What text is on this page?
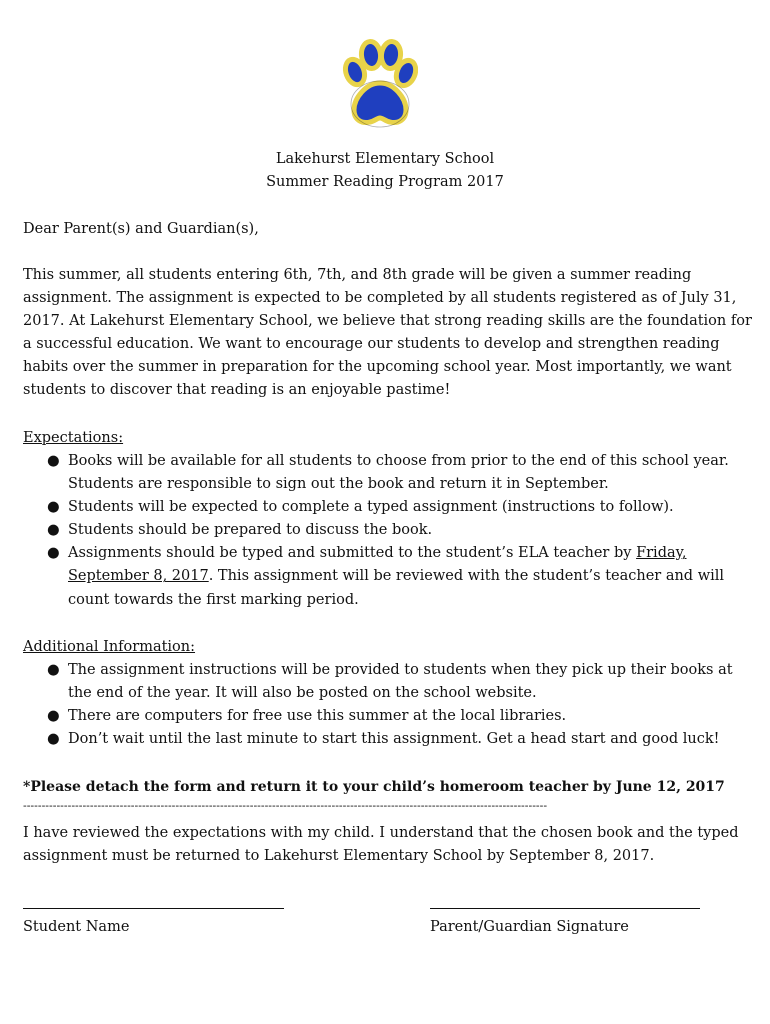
Lakehurst Elementary School
Summer Reading Program 2017
Dear Parent(s) and Guardian(s),
This summer, all students entering 6th, 7th, and 8th grade will be given a summer reading
assignment. The assignment is expected to be completed by all students registered as of July 31,
2017. At Lakehurst Elementary School, we believe that strong reading skills are the foundation for
a successful education. We want to encourage our students to develop and strengthen reading
habits over the summer in preparation for the upcoming school year. Most importantly, we want
students to discover that reading is an enjoyable pastime!
Expectations:
● Books will be available for all students to choose from prior to the end of this school year.
Students are responsible to sign out the book and return it in September.
● Students will be expected to complete a typed assignment (instructions to follow).
● Students should be prepared to discuss the book.
● Assignments should be typed and submitted to the student’s ELA teacher by Friday,
September 8, 2017. This assignment will be reviewed with the student’s teacher and will
count towards the first marking period.
Additional Information:
● The assignment instructions will be provided to students when they pick up their books at
the end of the year. It will also be posted on the school website.
● There are computers for free use this summer at the local libraries.
● Don’t wait until the last minute to start this assignment. Get a head start and good luck!
*Please detach the form and return it to your child’s homeroom teacher by June 12, 2017
---------------------------------------------------------------------------------------------------------------------------------------------
I have reviewed the expectations with my child. I understand that the chosen book and the typed
assignment must be returned to Lakehurst Elementary School by September 8, 2017.
Student Name	Parent/Guardian Signature
